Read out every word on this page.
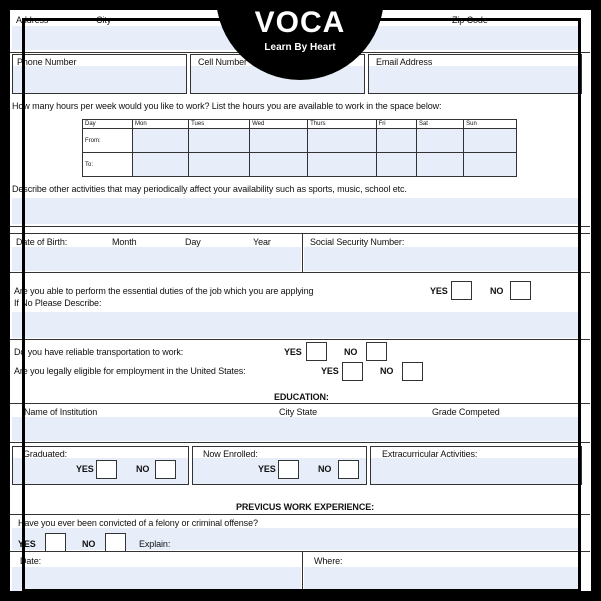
Address	City	Zip Code
Phone Number	Cell Number	Email Address
How many hours per week would you like to work? List the hours you are available to work in the space below:
Day	Mon	Tues	Wed	Thurs	Fri	Sat	Sun
From:							
To:							
Describe other activities that may periodically affect your availability such as sports, music, school etc.
Date of Birth:	Month	Day	Year	Social Security Number:
Are you able to perform the essential duties of the job which you are applying
If No Please Describe:
YES	NO
Do you have reliable transportation to work:	YES	NO
Are you legally eligible for employment in the United States:	YES	NO
EDUCATION:
Name of Institution	City State	Grade Competed
Graduated:
YES	NO
Now Enrolled:
YES	NO
Extracurricular Activities:
PREVICUS WORK EXPERIENCE:
Have you ever been convicted of a felony or criminal offense?
YES	NO	Explain:
Date:	Where:
VOCA
Learn By Heart
